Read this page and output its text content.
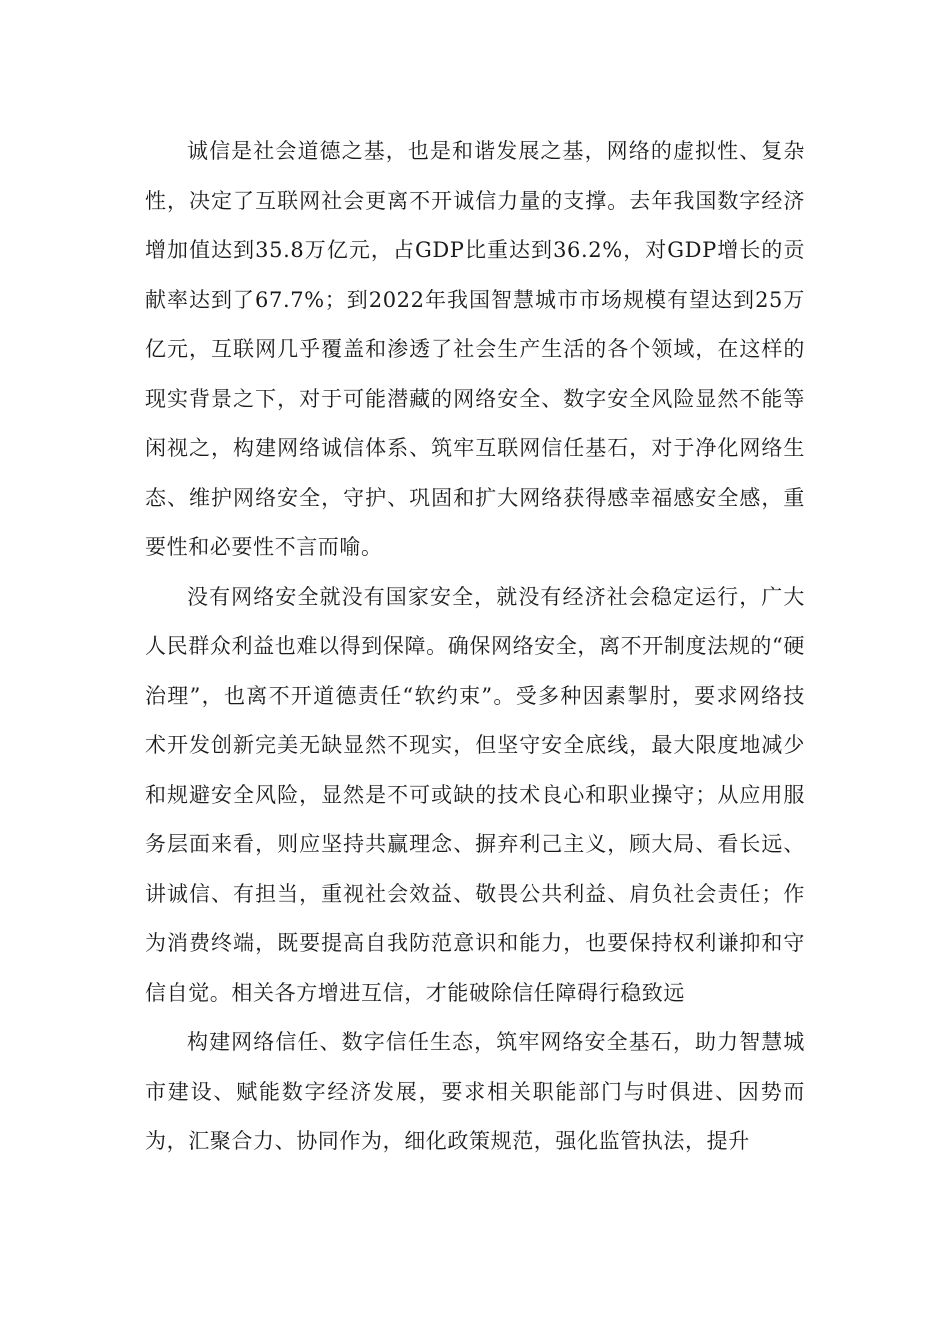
诚信是社会道德之基，也是和谐发展之基，网络的虚拟性、复杂性，决定了互联网社会更离不开诚信力量的支撑。去年我国数字经济增加值达到35.8万亿元，占GDP比重达到36.2%，对GDP增长的贡献率达到了67.7%；到2022年我国智慧城市市场规模有望达到25万亿元，互联网几乎覆盖和渗透了社会生产生活的各个领域，在这样的现实背景之下，对于可能潜藏的网络安全、数字安全风险显然不能等闲视之，构建网络诚信体系、筑牢互联网信任基石，对于净化网络生态、维护网络安全，守护、巩固和扩大网络获得感幸福感安全感，重要性和必要性不言而喻。

没有网络安全就没有国家安全，就没有经济社会稳定运行，广大人民群众利益也难以得到保障。确保网络安全，离不开制度法规的“硬治理”，也离不开道德责任“软约束”。受多种因素掣肘，要求网络技术开发创新完美无缺显然不现实，但坚守安全底线，最大限度地减少和规避安全风险，显然是不可或缺的技术良心和职业操守；从应用服务层面来看，则应坚持共赢理念、摒弃利己主义，顾大局、看长远、讲诚信、有担当，重视社会效益、敬畏公共利益、肩负社会责任；作为消费终端，既要提高自我防范意识和能力，也要保持权利谦抑和守信自觉。相关各方增进互信，才能破除信任障碍行稳致远

构建网络信任、数字信任生态，筑牢网络安全基石，助力智慧城市建设、赋能数字经济发展，要求相关职能部门与时俱进、因势而为，汇聚合力、协同作为，细化政策规范，强化监管执法，提升
